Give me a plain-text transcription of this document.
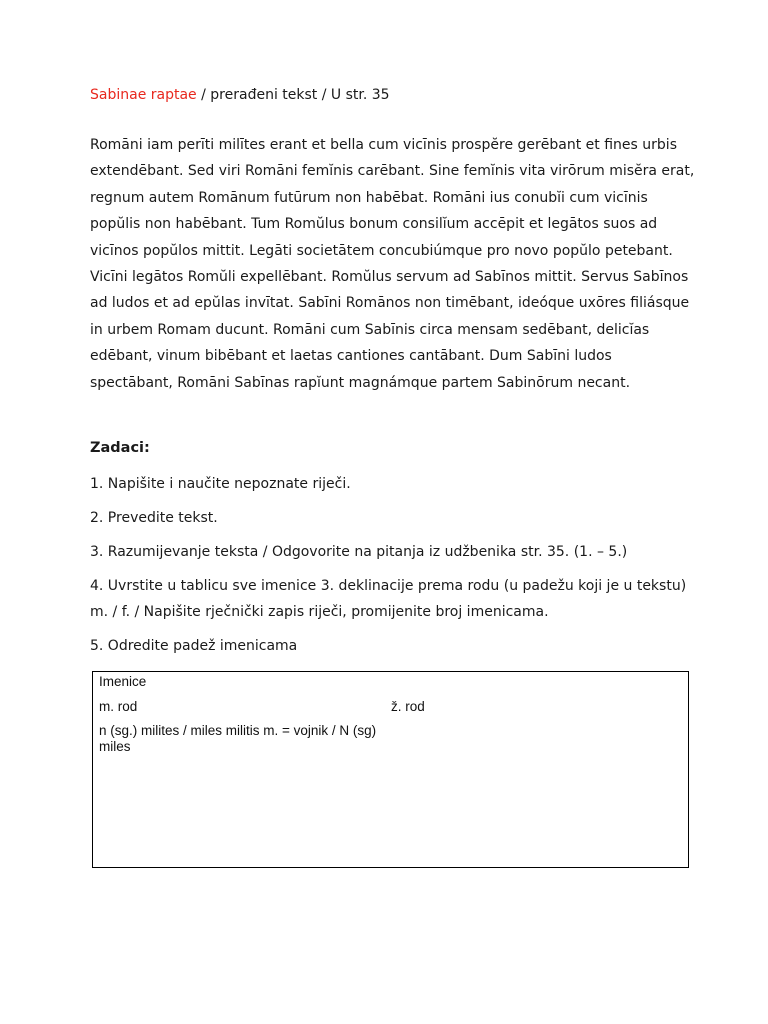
Sabinae raptae / prerađeni tekst / U str. 35
Romāni iam perīti milītes erant et bella cum vicīnis prospĕre gerēbant et fines urbis
extendēbant. Sed viri Romāni femĭnis carēbant. Sine femĭnis vita virōrum misĕra erat,
regnum autem Romānum futūrum non habēbat. Romāni ius conubĭi cum vicīnis
popŭlis non habēbant. Tum Romŭlus bonum consilĭum accēpit et legātos suos ad
vicīnos popŭlos mittit. Legāti societātem concubiúmque pro novo popŭlo petebant.
Vicīni legātos Romŭli expellēbant. Romŭlus servum ad Sabīnos mittit. Servus Sabīnos
ad ludos et ad epŭlas invītat. Sabīni Romānos non timēbant, ideóque uxōres filiásque
in urbem Romam ducunt. Romāni cum Sabīnis circa mensam sedēbant, delicĭas
edēbant, vinum bibēbant et laetas cantiones cantābant. Dum Sabīni ludos
spectābant, Romāni Sabīnas rapĭunt magnámque partem Sabinōrum necant.
Zadaci:
1. Napišite i naučite nepoznate riječi.
2. Prevedite tekst.
3. Razumijevanje teksta / Odgovorite na pitanja iz udžbenika str. 35. (1. – 5.)
4. Uvrstite u tablicu sve imenice 3. deklinacije prema rodu (u padežu koji je u tekstu)
m. / f. / Napišite rječnički zapis riječi, promijenite broj imenicama.
5. Odredite padež imenicama
Imenice
m. rod	ž. rod
n (sg.) milites / miles militis m. = vojnik / N (sg) miles
